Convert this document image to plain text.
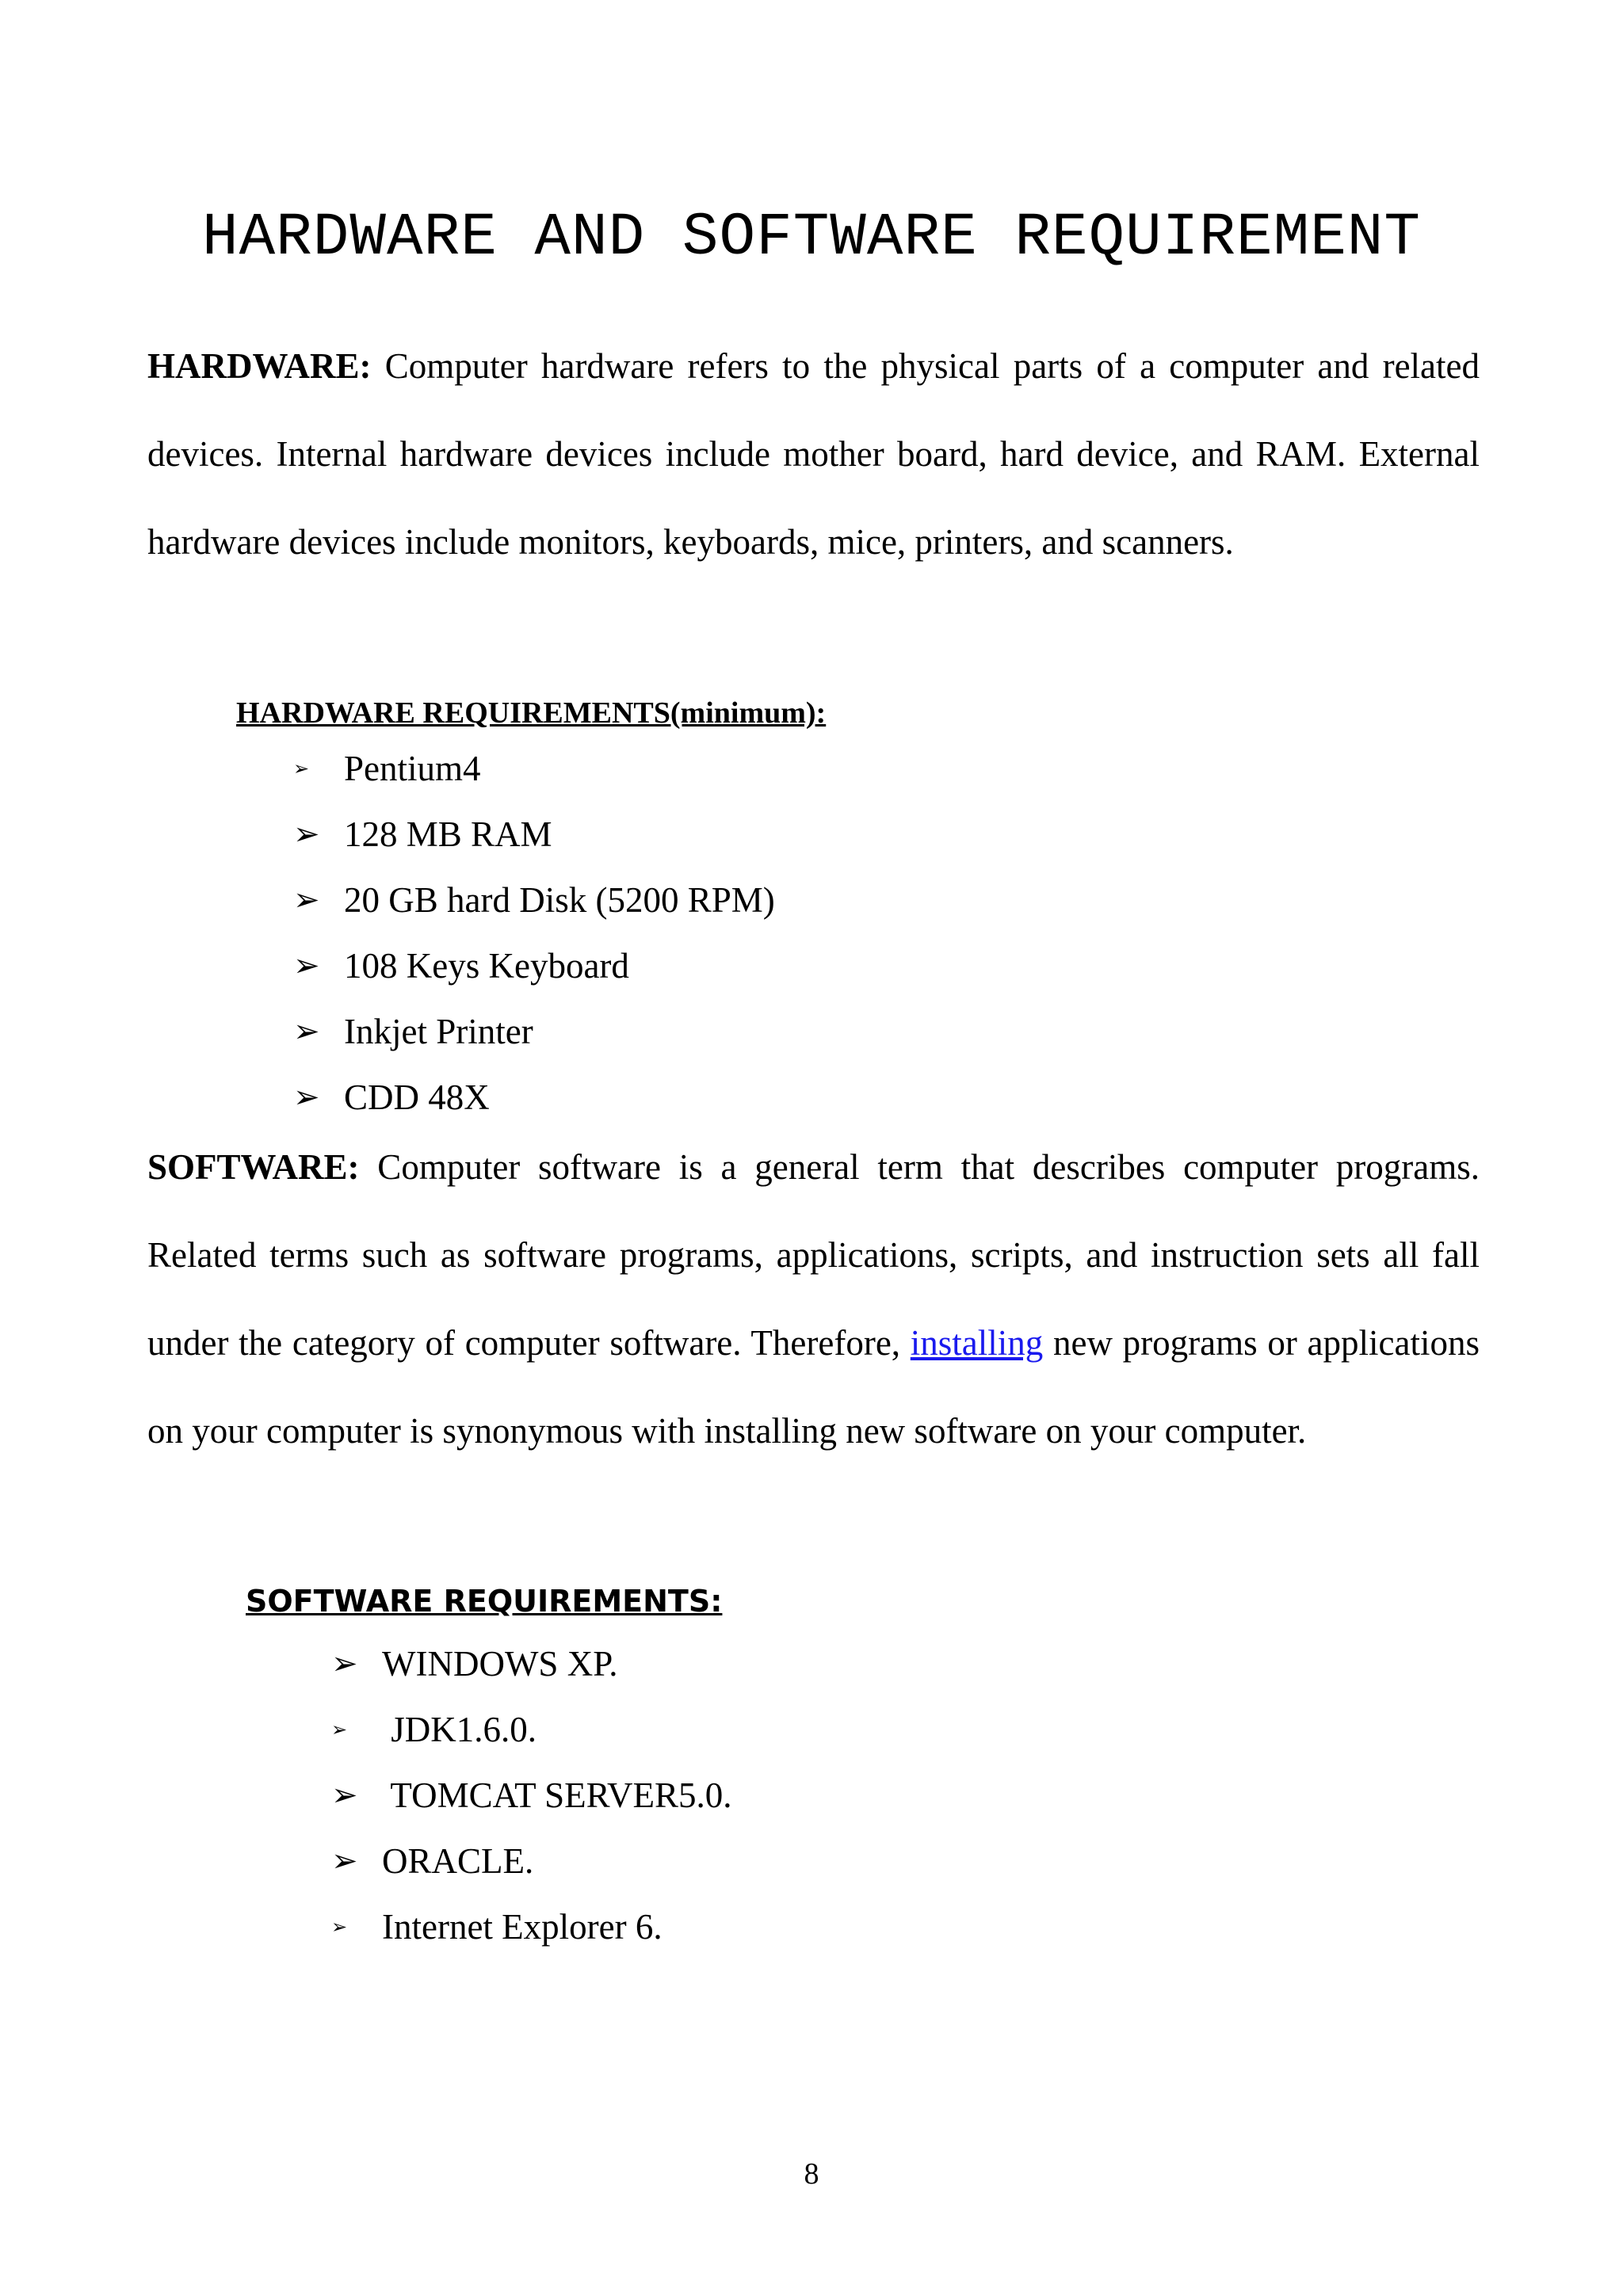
HARDWARE AND SOFTWARE REQUIREMENT

HARDWARE: Computer hardware refers to the physical parts of a computer and related devices. Internal hardware devices include mother board, hard device, and RAM. External hardware devices include monitors, keyboards, mice, printers, and scanners.

HARDWARE REQUIREMENTS(minimum):
➢ Pentium4
➢ 128 MB RAM
➢ 20 GB hard Disk (5200 RPM)
➢ 108 Keys Keyboard
➢ Inkjet Printer
➢ CDD 48X

SOFTWARE: Computer software is a general term that describes computer programs. Related terms such as software programs, applications, scripts, and instruction sets all fall under the category of computer software. Therefore, installing new programs or applications on your computer is synonymous with installing new software on your computer.

SOFTWARE REQUIREMENTS:
➢ WINDOWS XP.
➢ JDK1.6.0.
➢ TOMCAT SERVER5.0.
➢ ORACLE.
➢ Internet Explorer 6.
8
